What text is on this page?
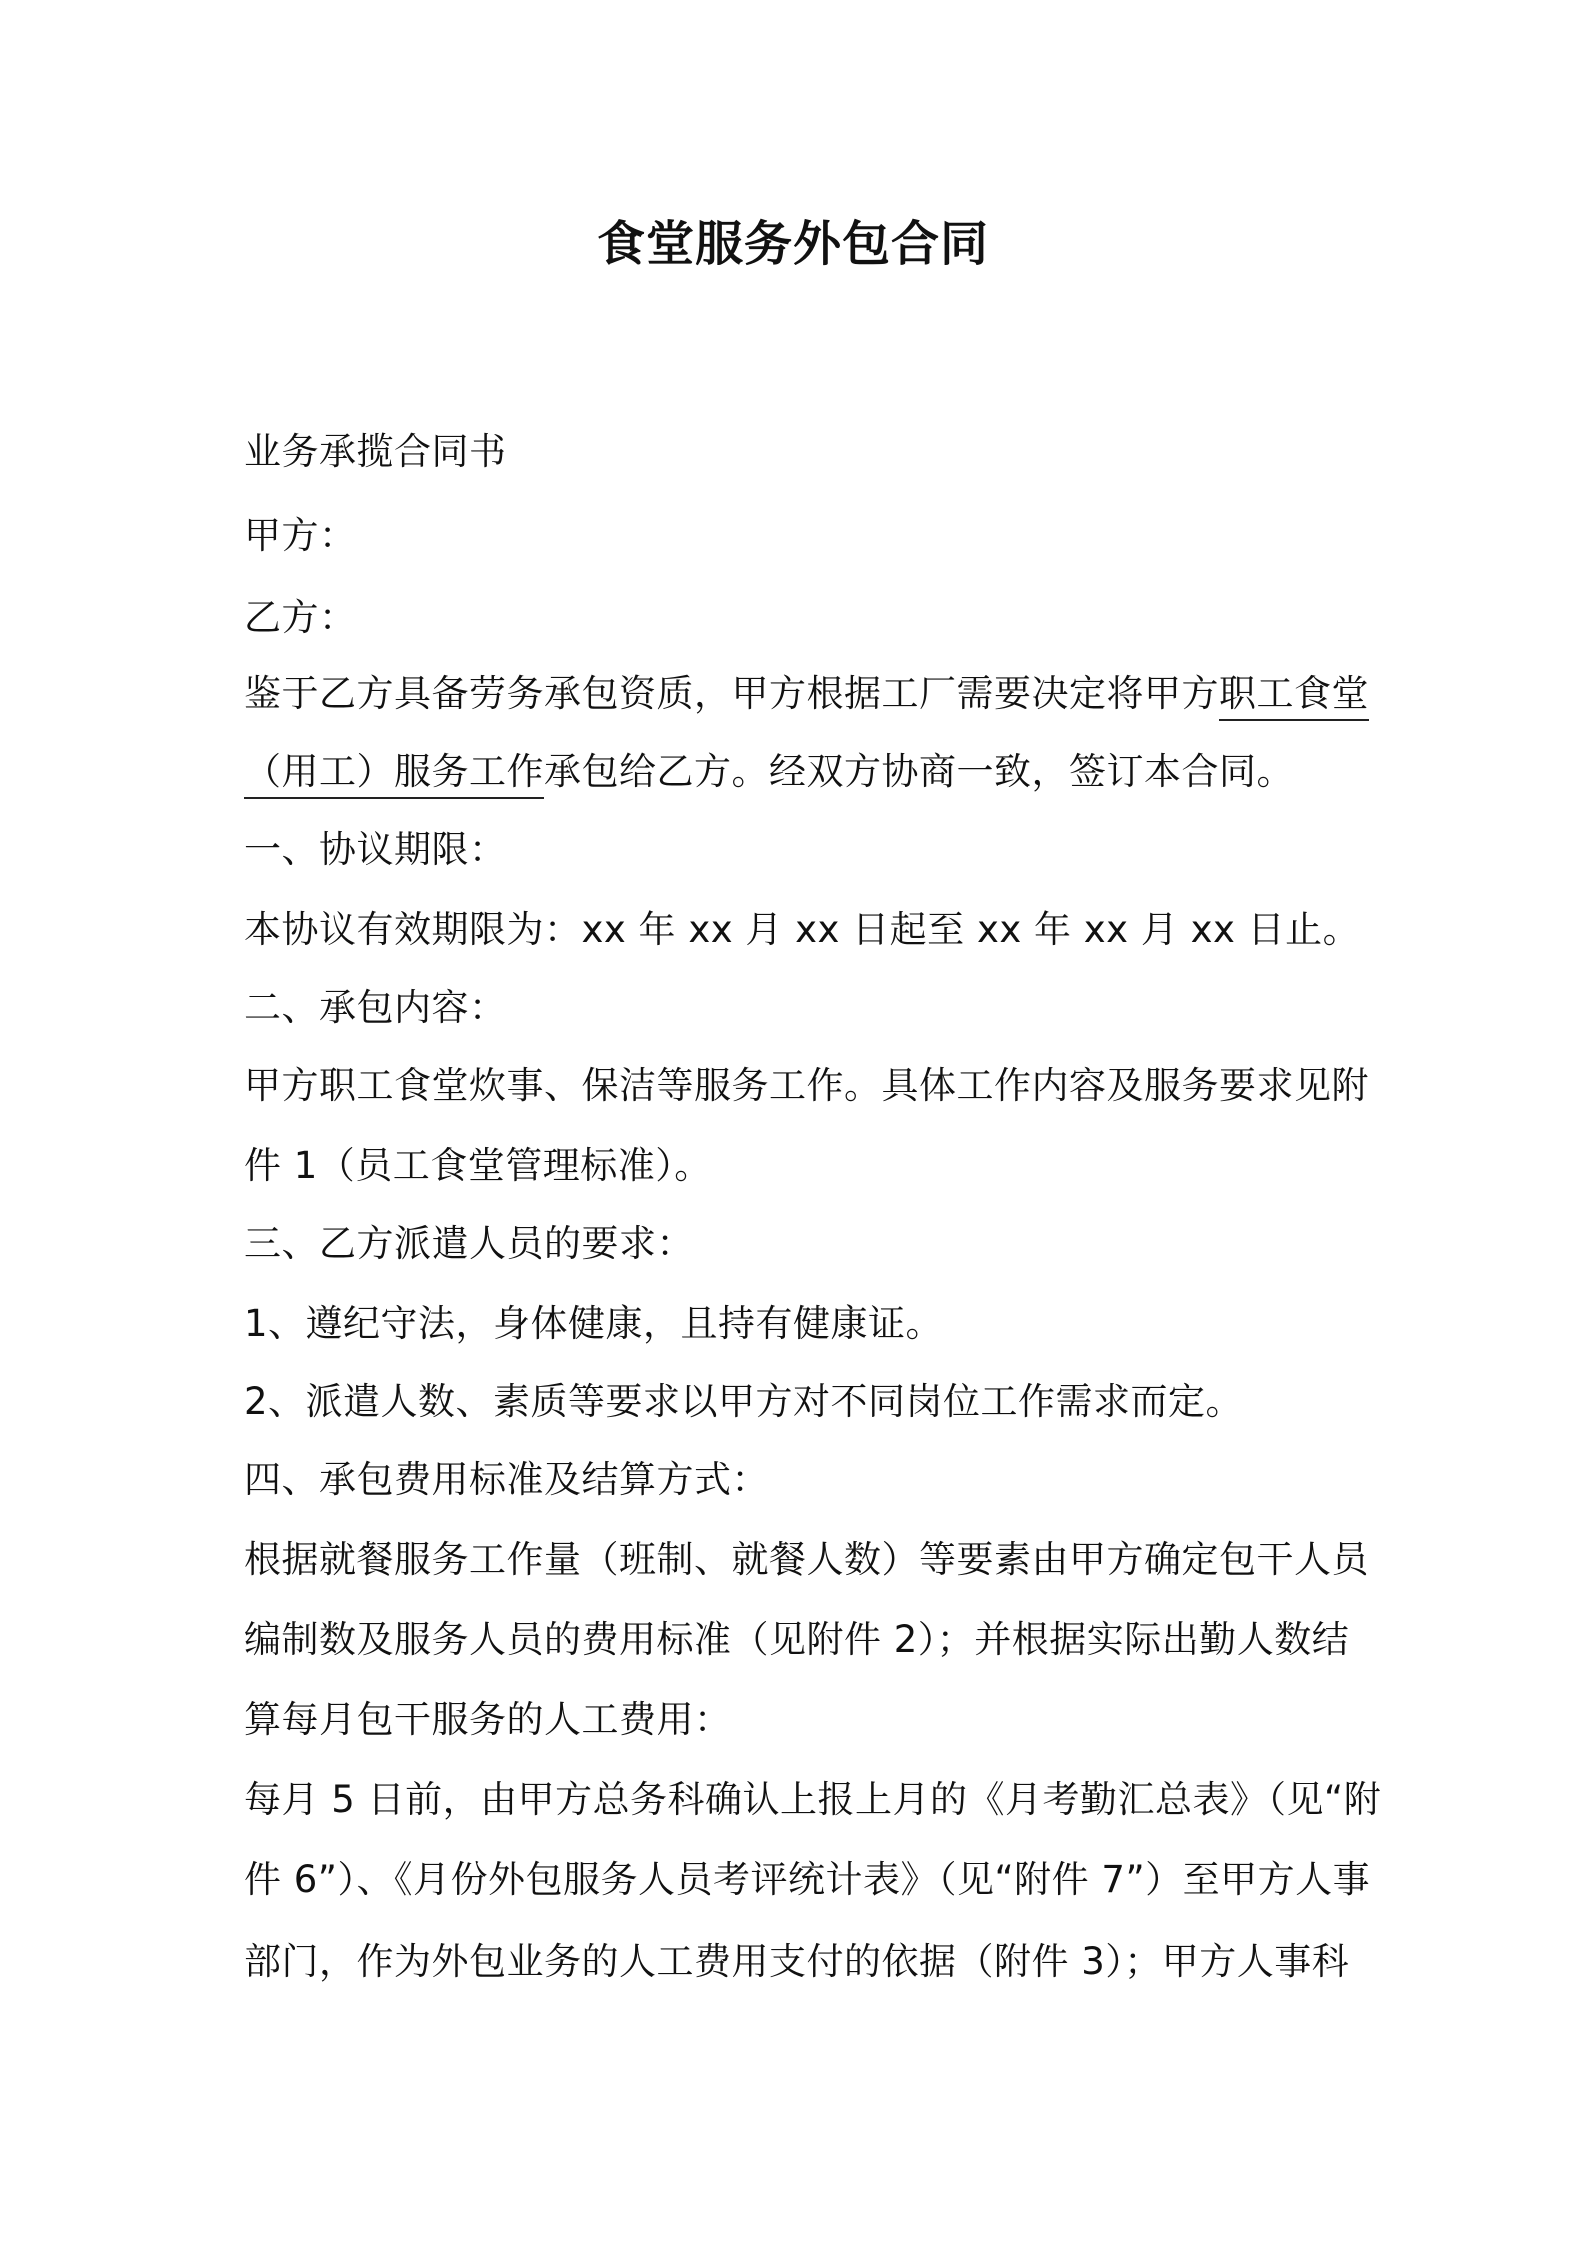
食堂服务外包合同

业务承揽合同书

甲方：

乙方：

鉴于乙方具备劳务承包资质，甲方根据工厂需要决定将甲方职工食堂

（用工）服务工作承包给乙方。经双方协商一致，签订本合同。

一、协议期限：

本协议有效期限为：xx 年 xx 月 xx 日起至 xx 年 xx 月 xx 日止。

二、承包内容：

甲方职工食堂炊事、保洁等服务工作。具体工作内容及服务要求见附

件 1（员工食堂管理标准）。

三、乙方派遣人员的要求：

1、遵纪守法，身体健康，且持有健康证。

2、派遣人数、素质等要求以甲方对不同岗位工作需求而定。

四、承包费用标准及结算方式：

根据就餐服务工作量（班制、就餐人数）等要素由甲方确定包干人员

编制数及服务人员的费用标准（见附件 2）；并根据实际出勤人数结

算每月包干服务的人工费用：

每月 5 日前，由甲方总务科确认上报上月的《月考勤汇总表》（见“附

件 6”）、《月份外包服务人员考评统计表》（见“附件 7”）至甲方人事

部门，作为外包业务的人工费用支付的依据（附件 3）；甲方人事科
